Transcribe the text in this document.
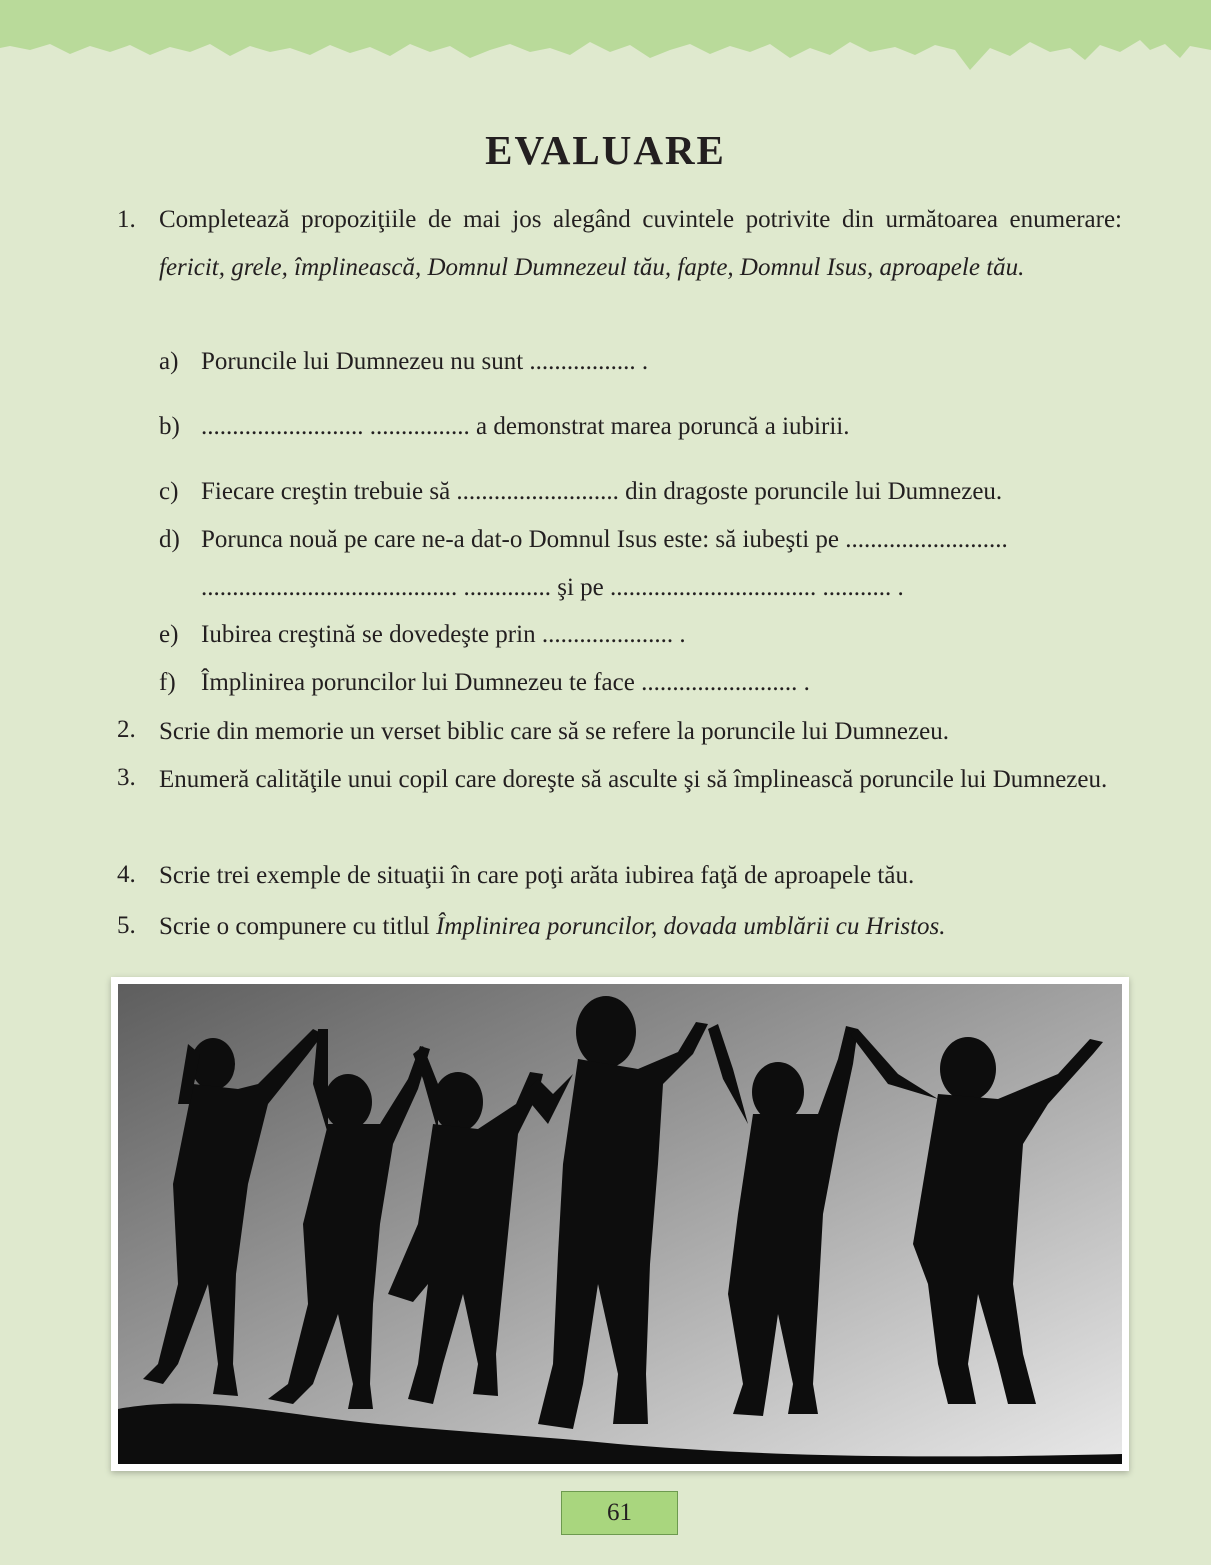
EVALUARE
1. Completează propoziţiile de mai jos alegând cuvintele potrivite din următoarea enumerare: fericit, grele, împlinească, Domnul Dumnezeul tău, fapte, Domnul Isus, aproapele tău.
a) Poruncile lui Dumnezeu nu sunt ................. .
b) .......................... ................ a demonstrat marea poruncă a iubirii.
c) Fiecare creştin trebuie să .......................... din dragoste poruncile lui Dumnezeu.
d) Porunca nouă pe care ne-a dat-o Domnul Isus este: să iubeşti pe ..........................
......................................... .............. şi pe ................................. ........... .
e) Iubirea creştină se dovedeşte prin ..................... .
f) Împlinirea poruncilor lui Dumnezeu te face ......................... .
2. Scrie din memorie un verset biblic care să se refere la poruncile lui Dumnezeu.
3. Enumeră calităţile unui copil care doreşte să asculte şi să împlinească poruncile lui Dumnezeu.
4. Scrie trei exemple de situaţii în care poţi arăta iubirea faţă de aproapele tău.
5. Scrie o compunere cu titlul Împlinirea poruncilor, dovada umblării cu Hristos.
61
